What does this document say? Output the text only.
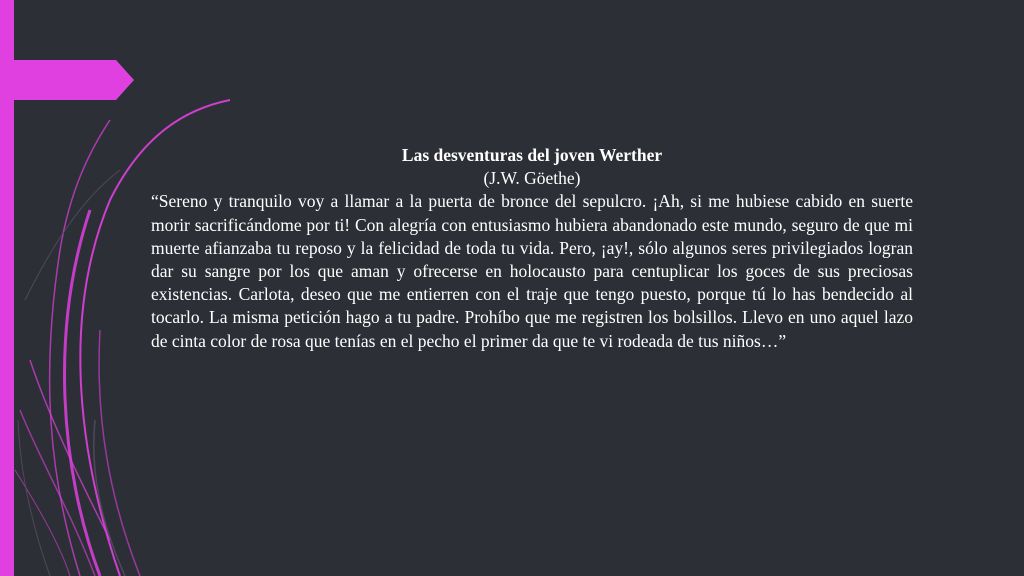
Las desventuras del joven Werther

(J.W. Göethe)

“Sereno y tranquilo voy a llamar a la puerta de bronce del sepulcro. ¡Ah, si me hubiese cabido en suerte morir sacrificándome por ti! Con alegría con entusiasmo hubiera abandonado este mundo, seguro de que mi muerte afianzaba tu reposo y la felicidad de toda tu vida. Pero, ¡ay!, sólo algunos seres privilegiados logran dar su sangre por los que aman y ofrecerse en holocausto para centuplicar los goces de sus preciosas existencias. Carlota, deseo que me entierren con el traje que tengo puesto, porque tú lo has bendecido al tocarlo. La misma petición hago a tu padre. Prohíbo que me registren los bolsillos. Llevo en uno aquel lazo de cinta color de rosa que tenías en el pecho el primer da que te vi rodeada de tus niños…”
